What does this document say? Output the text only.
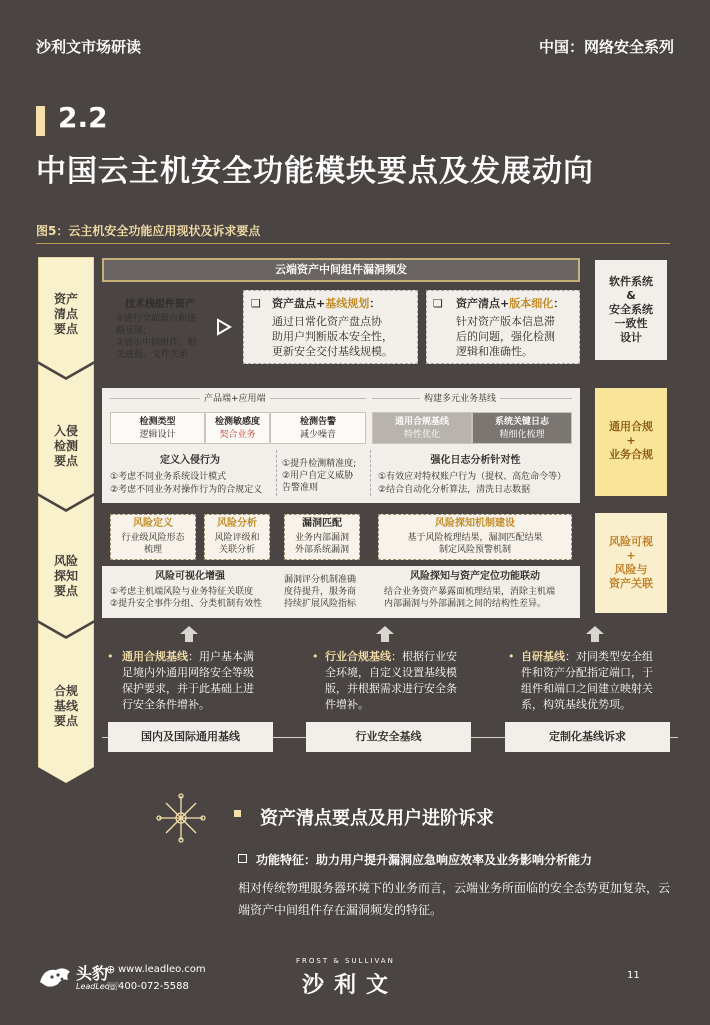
沙利文市场研读	中国：网络安全系列
2.2
中国云主机安全功能模块要点及发展动向
图5：云主机安全功能应用现状及诉求要点
资产
清点
要点
入侵
检测
要点
风险
探知
要点
合规
基线
要点
云端资产中间组件漏洞频发
技术栈组件资产
①进行全面盘点和链
路呈现;
②展示中间组件、相
关进程、文件关系
❑ 资产盘点+基线规划：
通过日常化资产盘点协
助用户判断版本安全性，
更新安全交付基线规模。
❑ 资产清点+版本细化：
针对资产版本信息滞
后的问题，强化检测
逻辑和准确性。
软件系统
&
安全系统
一致性
设计
通用合规
+
业务合规
风险可视
+
风险与
资产关联
产品端+应用端	构建多元业务基线
检测类型
逻辑设计
检测敏感度
契合业务
检测告警
减少噪音
通用合规基线
特性优化
系统关键日志
精细化梳理
定义入侵行为
①考虑不同业务系统设计模式
②考虑不同业务对操作行为的合规定义
①提升检测精准度;
②用户自定义威胁
告警准则
强化日志分析针对性
①有效应对特权账户行为（提权、高危命令等）
②结合自动化分析算法，清洗日志数据
风险定义
行业级风险形态
梳理
风险分析
风险评级和
关联分析
漏洞匹配
业务内部漏洞
外部系统漏洞
风险探知机制建设
基于风险梳理结果，漏洞匹配结果
制定风险预警机制
风险可视化增强
①考虑主机端风险与业务特征关联度
②提升安全事件分组、分类机制有效性
漏洞评分机制准确
度待提升，服务商
持续扩展风险指标
风险探知与资产定位功能联动
结合业务资产暴露面梳理结果，消除主机端
内部漏洞与外部漏洞之间的结构性差异。
• 通用合规基线：用户基本满
足境内外通用网络安全等级
保护要求，并于此基础上进
行安全条件增补。
• 行业合规基线：根据行业安
全环境，自定义设置基线模
版，并根据需求进行安全条
件增补。
• 自研基线：对同类型安全组
件和资产分配指定端口，于
组件和端口之间建立映射关
系，构筑基线优势项。
国内及国际通用基线	行业安全基线	定制化基线诉求
资产清点要点及用户进阶诉求
功能特征：助力用户提升漏洞应急响应效率及业务影响分析能力
相对传统物理服务器环境下的业务而言，云端业务所面临的安全态势更加复杂，云端资产中间组件存在漏洞频发的特征。
头豹
LeadLeo
⊕ www.leadleo.com
☏
400-072-5588
FROST & SULLIVAN
沙利文	11
